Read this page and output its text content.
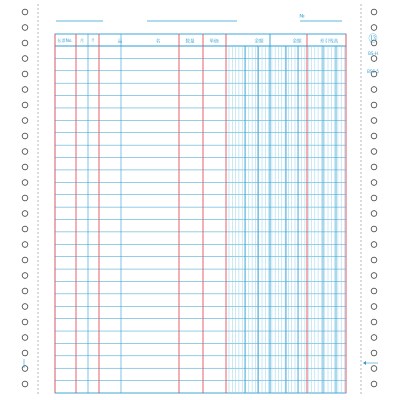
№
伝票No. 月 日	品	名	数量	単価	金額	金額	差引残高	⑬
BS-H
BSC 5
